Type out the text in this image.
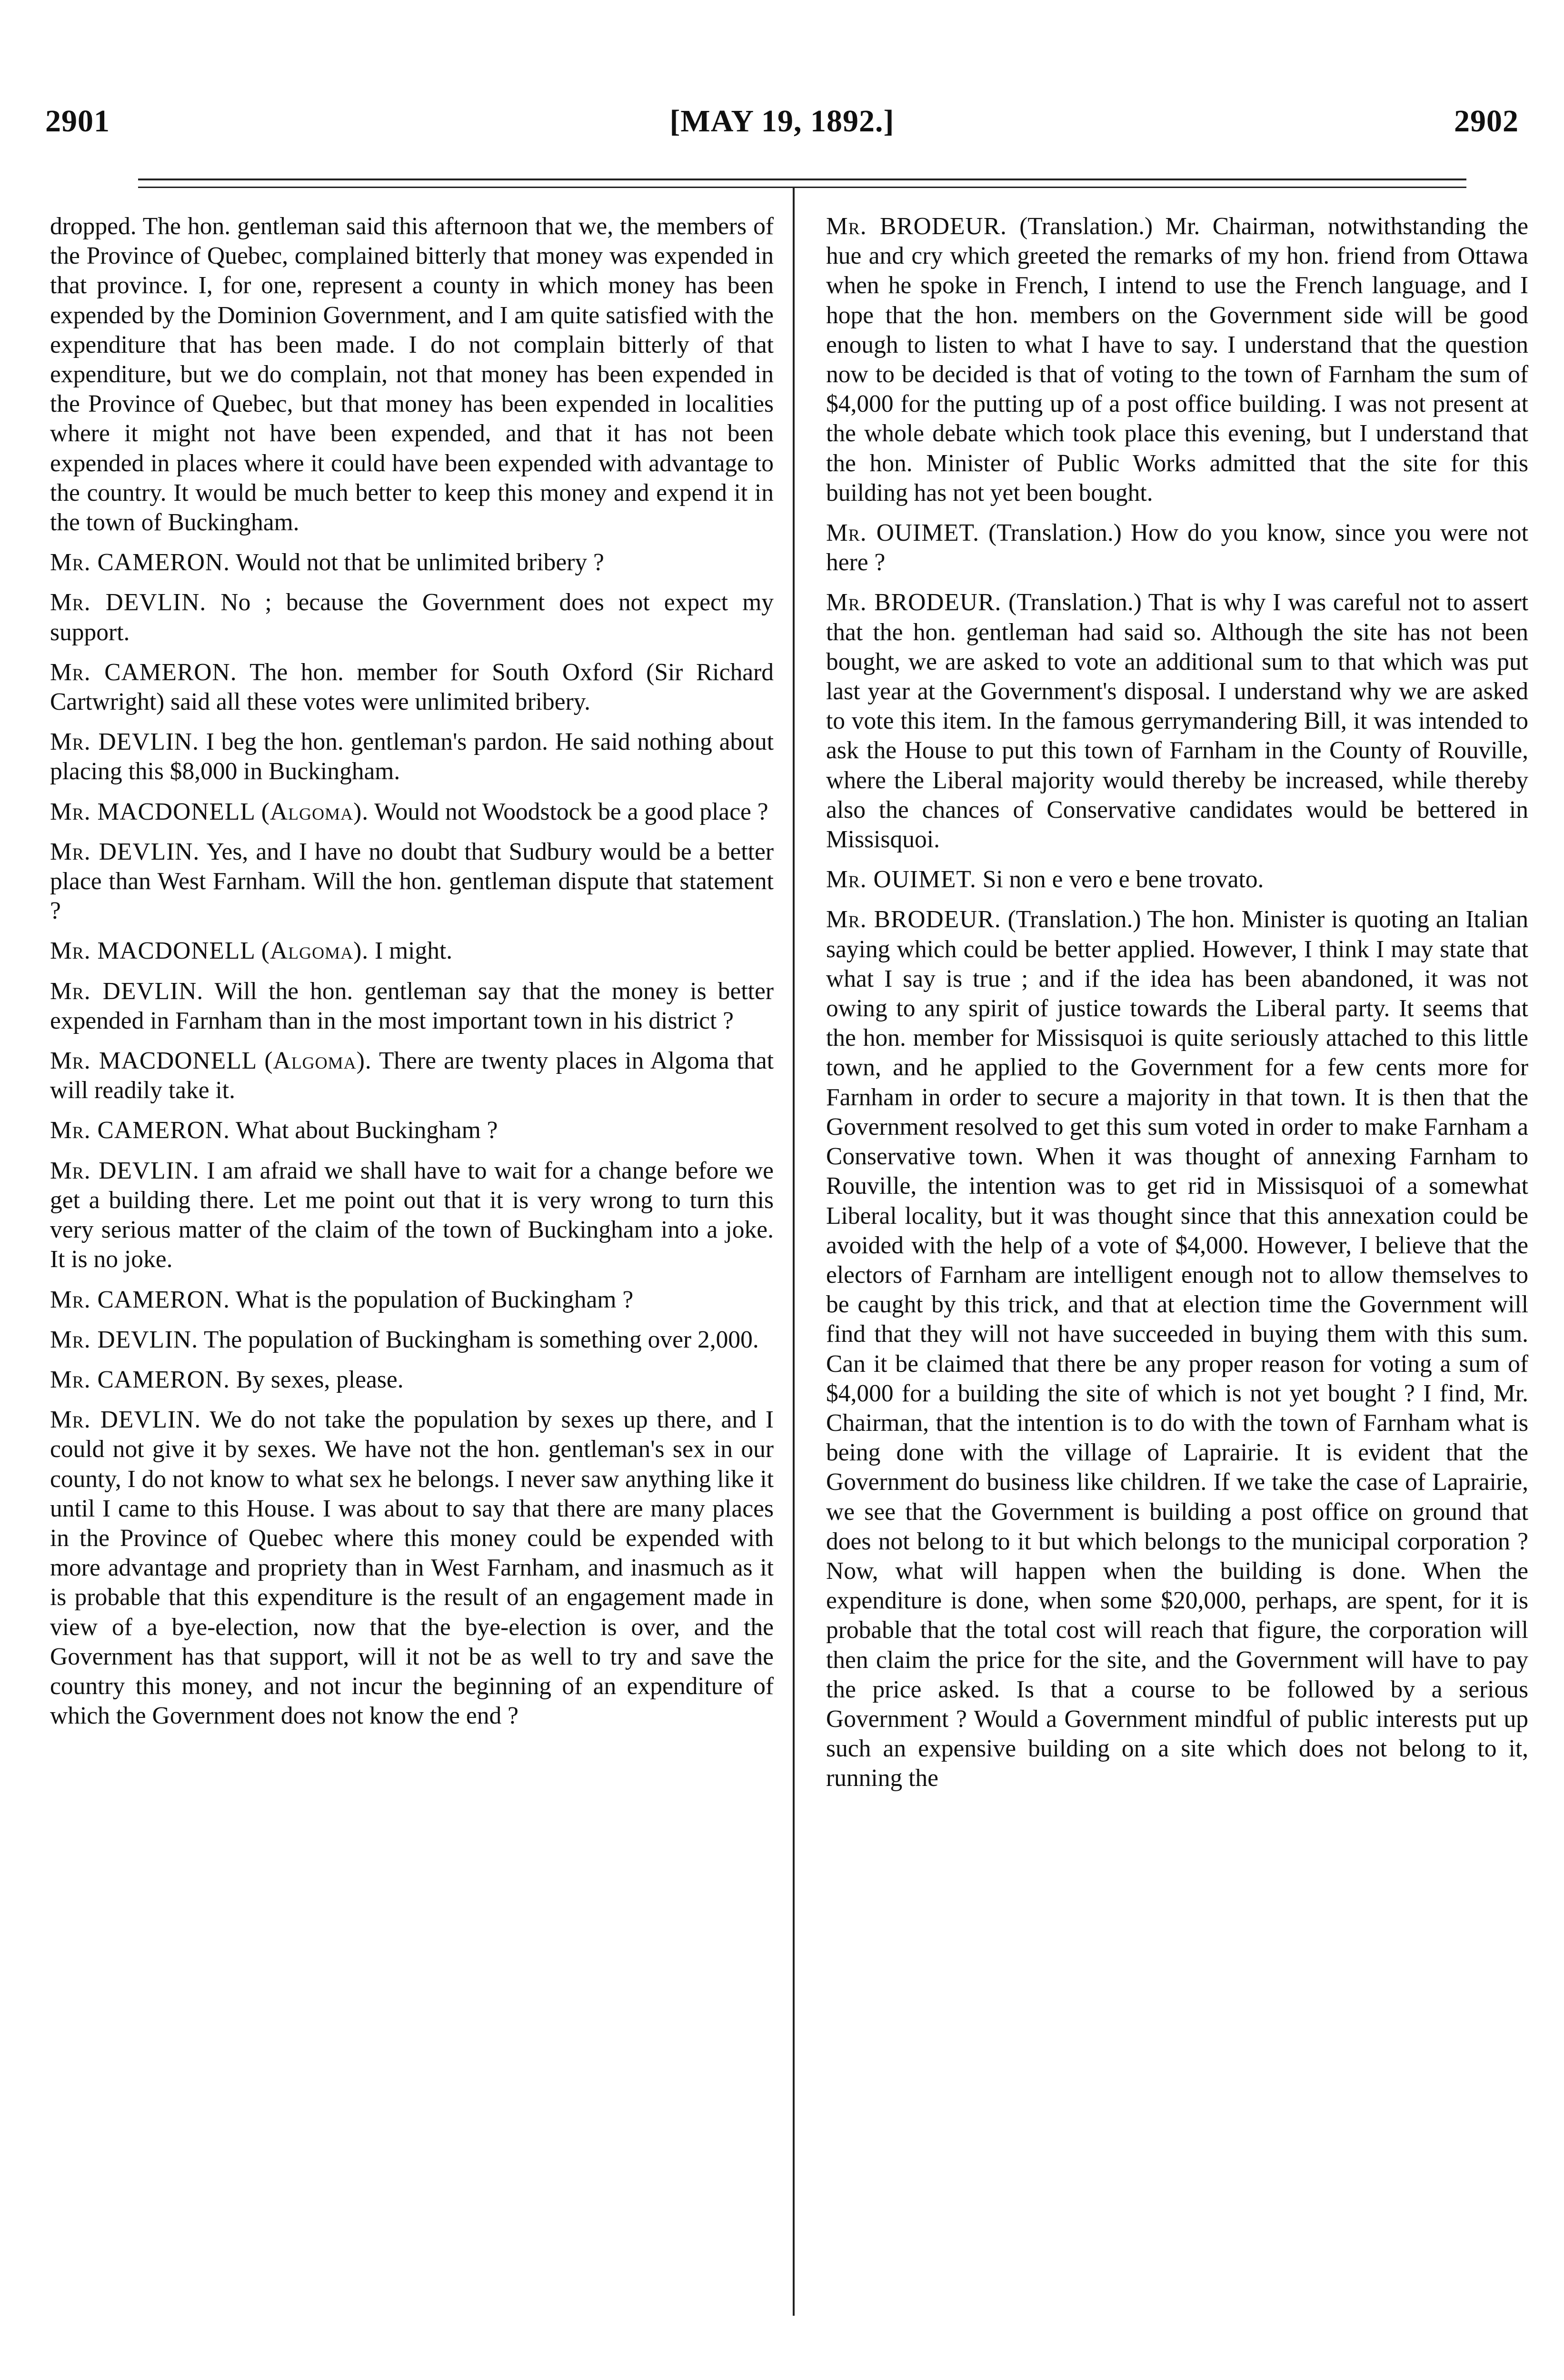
2901	[MAY 19, 1892.]	2902

dropped. The hon. gentleman said this afternoon that we, the members of the Province of Quebec, complained bitterly that money was expended in that province. I, for one, represent a county in which money has been expended by the Dominion Government, and I am quite satisfied with the expenditure that has been made. I do not complain bitterly of that expenditure, but we do complain, not that money has been expended in the Province of Quebec, but that money has been expended in localities where it might not have been expended, and that it has not been expended in places where it could have been expended with advantage to the country. It would be much better to keep this money and expend it in the town of Buckingham.

Mr. CAMERON. Would not that be unlimited bribery ?

Mr. DEVLIN. No ; because the Government does not expect my support.

Mr. CAMERON. The hon. member for South Oxford (Sir Richard Cartwright) said all these votes were unlimited bribery.

Mr. DEVLIN. I beg the hon. gentleman's pardon. He said nothing about placing this $8,000 in Buckingham.

Mr. MACDONELL (Algoma). Would not Woodstock be a good place ?

Mr. DEVLIN. Yes, and I have no doubt that Sudbury would be a better place than West Farnham. Will the hon. gentleman dispute that statement ?

Mr. MACDONELL (Algoma). I might.

Mr. DEVLIN. Will the hon. gentleman say that the money is better expended in Farnham than in the most important town in his district ?

Mr. MACDONELL (Algoma). There are twenty places in Algoma that will readily take it.

Mr. CAMERON. What about Buckingham ?

Mr. DEVLIN. I am afraid we shall have to wait for a change before we get a building there. Let me point out that it is very wrong to turn this very serious matter of the claim of the town of Buckingham into a joke. It is no joke.

Mr. CAMERON. What is the population of Buckingham ?

Mr. DEVLIN. The population of Buckingham is something over 2,000.

Mr. CAMERON. By sexes, please.

Mr. DEVLIN. We do not take the population by sexes up there, and I could not give it by sexes. We have not the hon. gentleman's sex in our county, I do not know to what sex he belongs. I never saw anything like it until I came to this House. I was about to say that there are many places in the Province of Quebec where this money could be expended with more advantage and propriety than in West Farnham, and inasmuch as it is probable that this expenditure is the result of an engagement made in view of a bye-election, now that the bye-election is over, and the Government has that support, will it not be as well to try and save the country this money, and not incur the beginning of an expenditure of which the Government does not know the end ?

Mr. BRODEUR. (Translation.) Mr. Chairman, notwithstanding the hue and cry which greeted the remarks of my hon. friend from Ottawa when he spoke in French, I intend to use the French language, and I hope that the hon. members on the Government side will be good enough to listen to what I have to say. I understand that the question now to be decided is that of voting to the town of Farnham the sum of $4,000 for the putting up of a post office building. I was not present at the whole debate which took place this evening, but I understand that the hon. Minister of Public Works admitted that the site for this building has not yet been bought.

Mr. OUIMET. (Translation.) How do you know, since you were not here ?

Mr. BRODEUR. (Translation.) That is why I was careful not to assert that the hon. gentleman had said so. Although the site has not been bought, we are asked to vote an additional sum to that which was put last year at the Government's disposal. I understand why we are asked to vote this item. In the famous gerrymandering Bill, it was intended to ask the House to put this town of Farnham in the County of Rouville, where the Liberal majority would thereby be increased, while thereby also the chances of Conservative candidates would be bettered in Missisquoi.

Mr. OUIMET. Si non e vero e bene trovato.

Mr. BRODEUR. (Translation.) The hon. Minister is quoting an Italian saying which could be better applied. However, I think I may state that what I say is true ; and if the idea has been abandoned, it was not owing to any spirit of justice towards the Liberal party. It seems that the hon. member for Missisquoi is quite seriously attached to this little town, and he applied to the Government for a few cents more for Farnham in order to secure a majority in that town. It is then that the Government resolved to get this sum voted in order to make Farnham a Conservative town. When it was thought of annexing Farnham to Rouville, the intention was to get rid in Missisquoi of a somewhat Liberal locality, but it was thought since that this annexation could be avoided with the help of a vote of $4,000. However, I believe that the electors of Farnham are intelligent enough not to allow themselves to be caught by this trick, and that at election time the Government will find that they will not have succeeded in buying them with this sum. Can it be claimed that there be any proper reason for voting a sum of $4,000 for a building the site of which is not yet bought ? I find, Mr. Chairman, that the intention is to do with the town of Farnham what is being done with the village of Laprairie. It is evident that the Government do business like children. If we take the case of Laprairie, we see that the Government is building a post office on ground that does not belong to it but which belongs to the municipal corporation ? Now, what will happen when the building is done. When the expenditure is done, when some $20,000, perhaps, are spent, for it is probable that the total cost will reach that figure, the corporation will then claim the price for the site, and the Government will have to pay the price asked. Is that a course to be followed by a serious Government ? Would a Government mindful of public interests put up such an expensive building on a site which does not belong to it, running the
